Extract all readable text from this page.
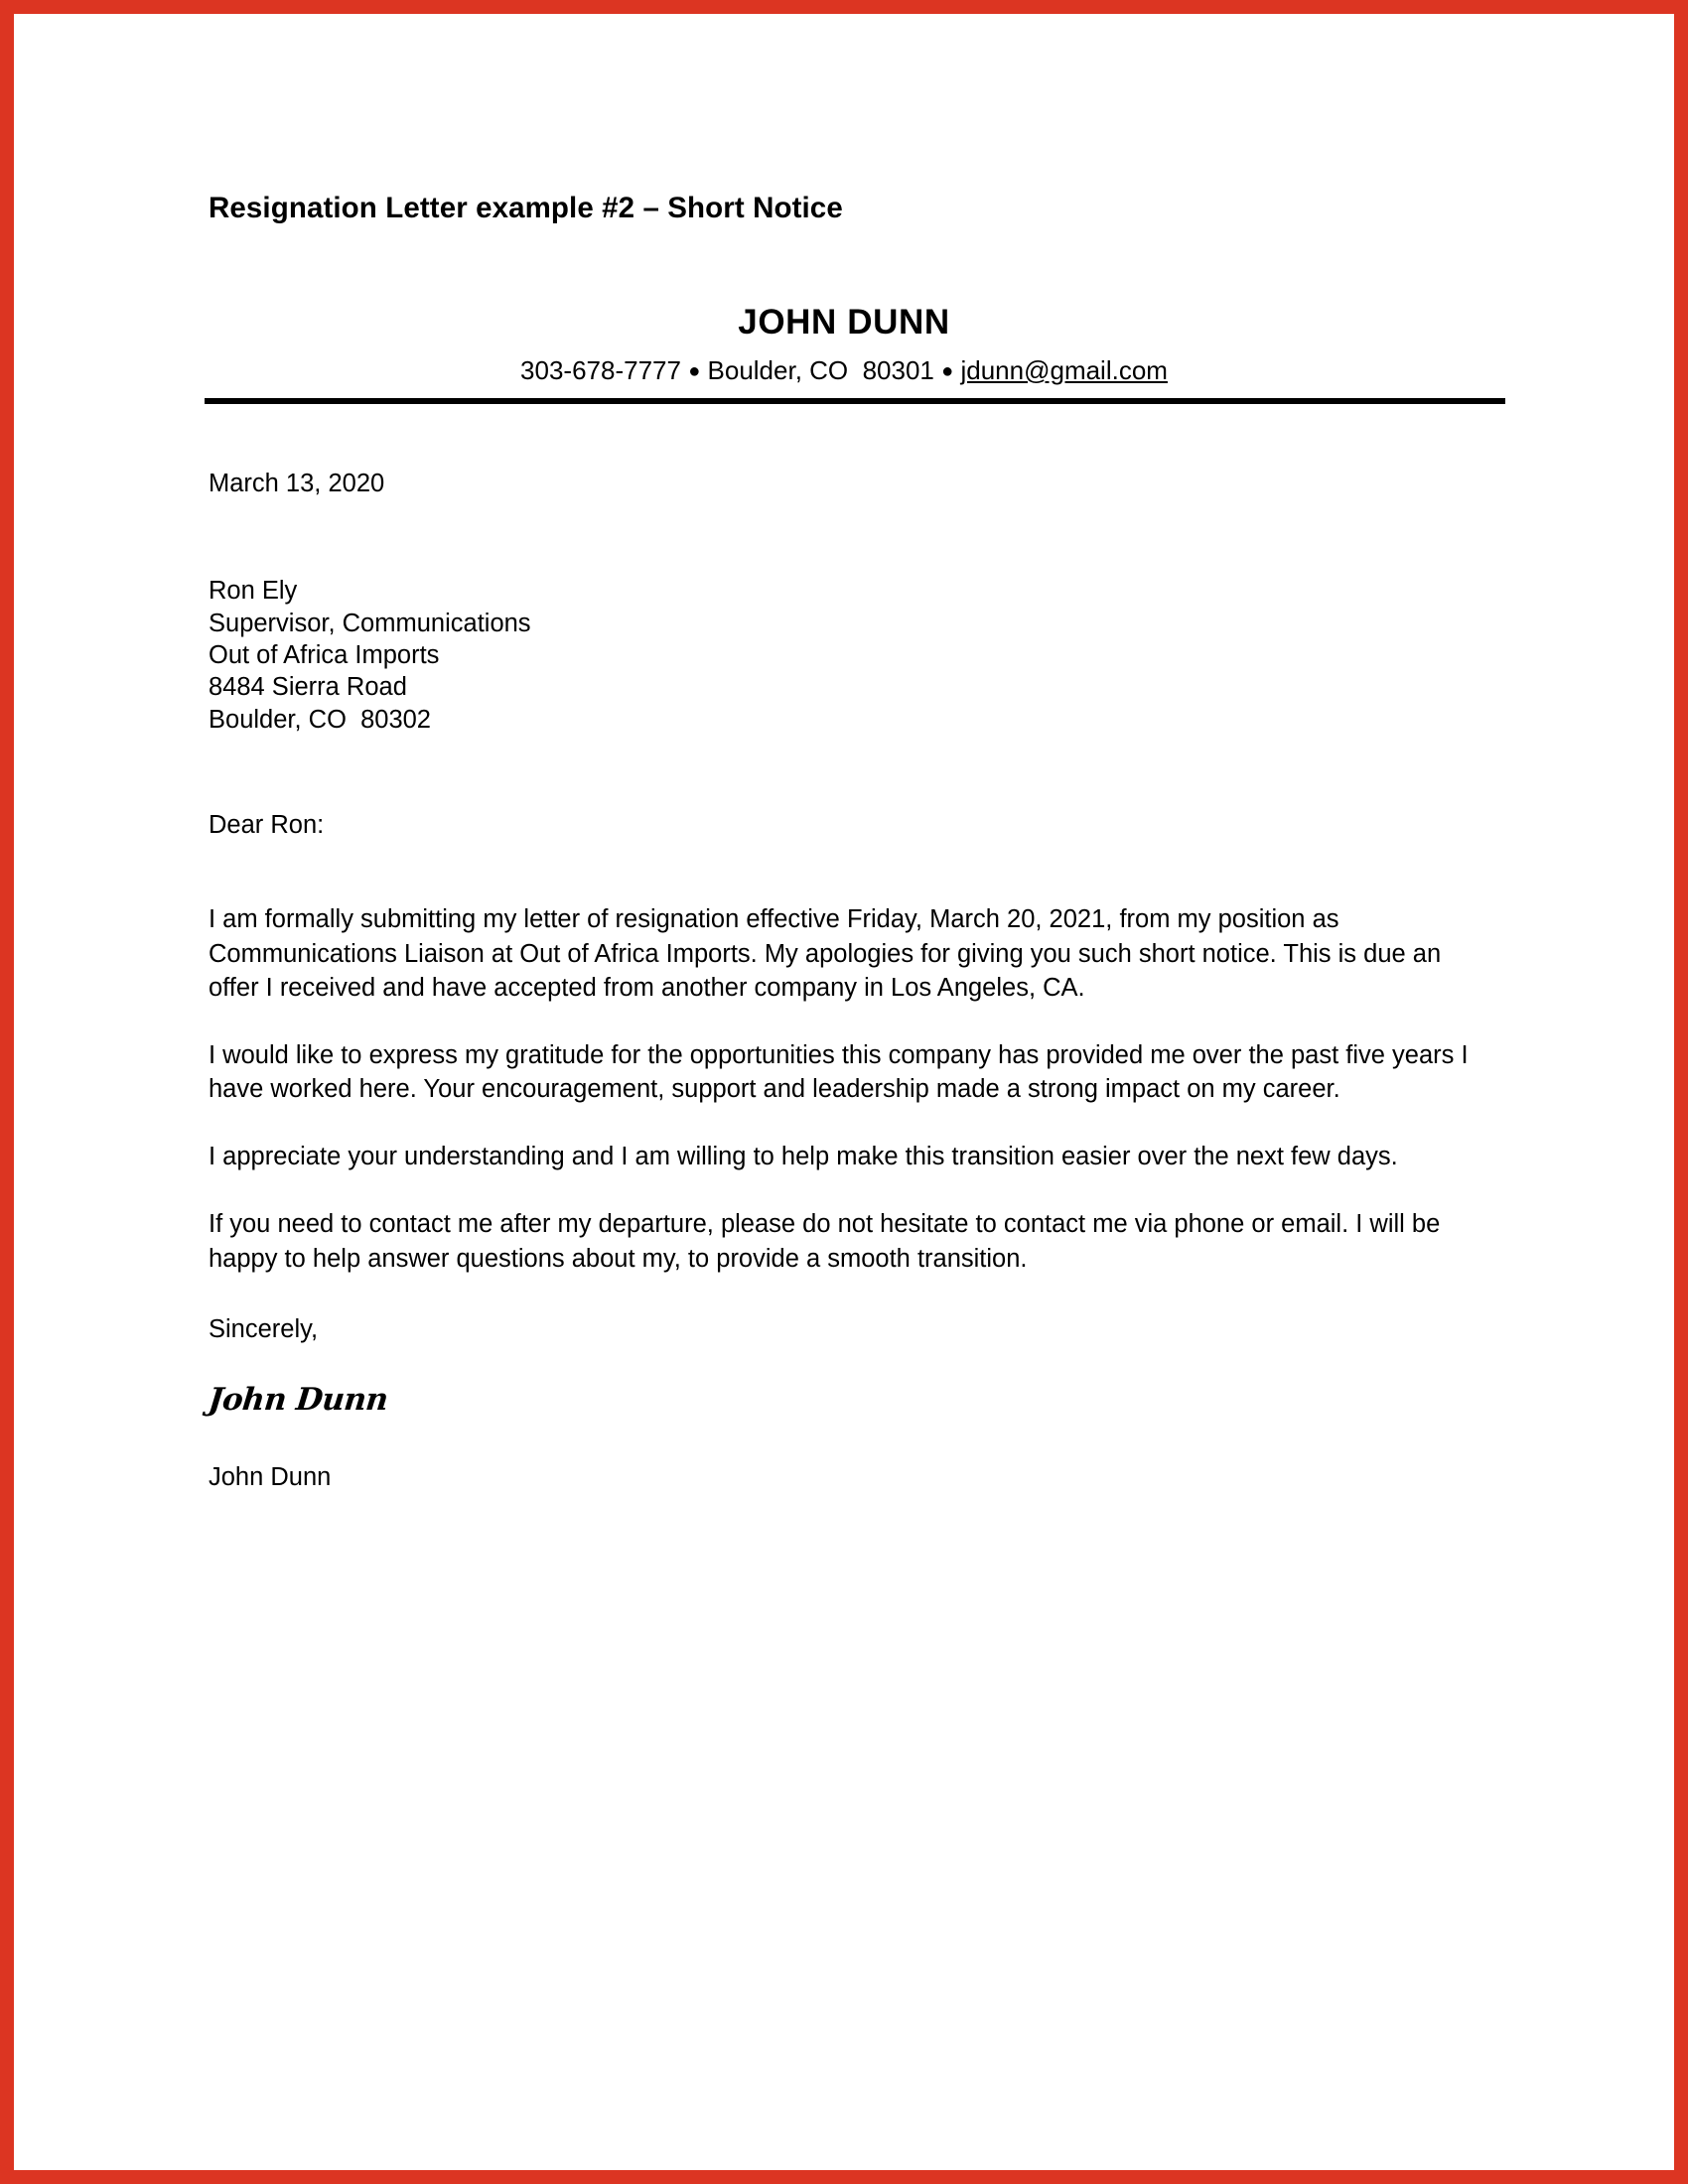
Resignation Letter example #2 – Short Notice
JOHN DUNN
303-678-7777 ● Boulder, CO  80301 ● jdunn@gmail.com

March 13, 2020

Ron Ely

Supervisor, Communications

Out of Africa Imports

8484 Sierra Road

Boulder, CO  80302

Dear Ron:

I am formally submitting my letter of resignation effective Friday, March 20, 2021, from my position as Communications Liaison at Out of Africa Imports. My apologies for giving you such short notice. This is due an offer I received and have accepted from another company in Los Angeles, CA.

I would like to express my gratitude for the opportunities this company has provided me over the past five years I have worked here. Your encouragement, support and leadership made a strong impact on my career.

I appreciate your understanding and I am willing to help make this transition easier over the next few days.

If you need to contact me after my departure, please do not hesitate to contact me via phone or email. I will be happy to help answer questions about my, to provide a smooth transition.

Sincerely,

John Dunn

John Dunn
